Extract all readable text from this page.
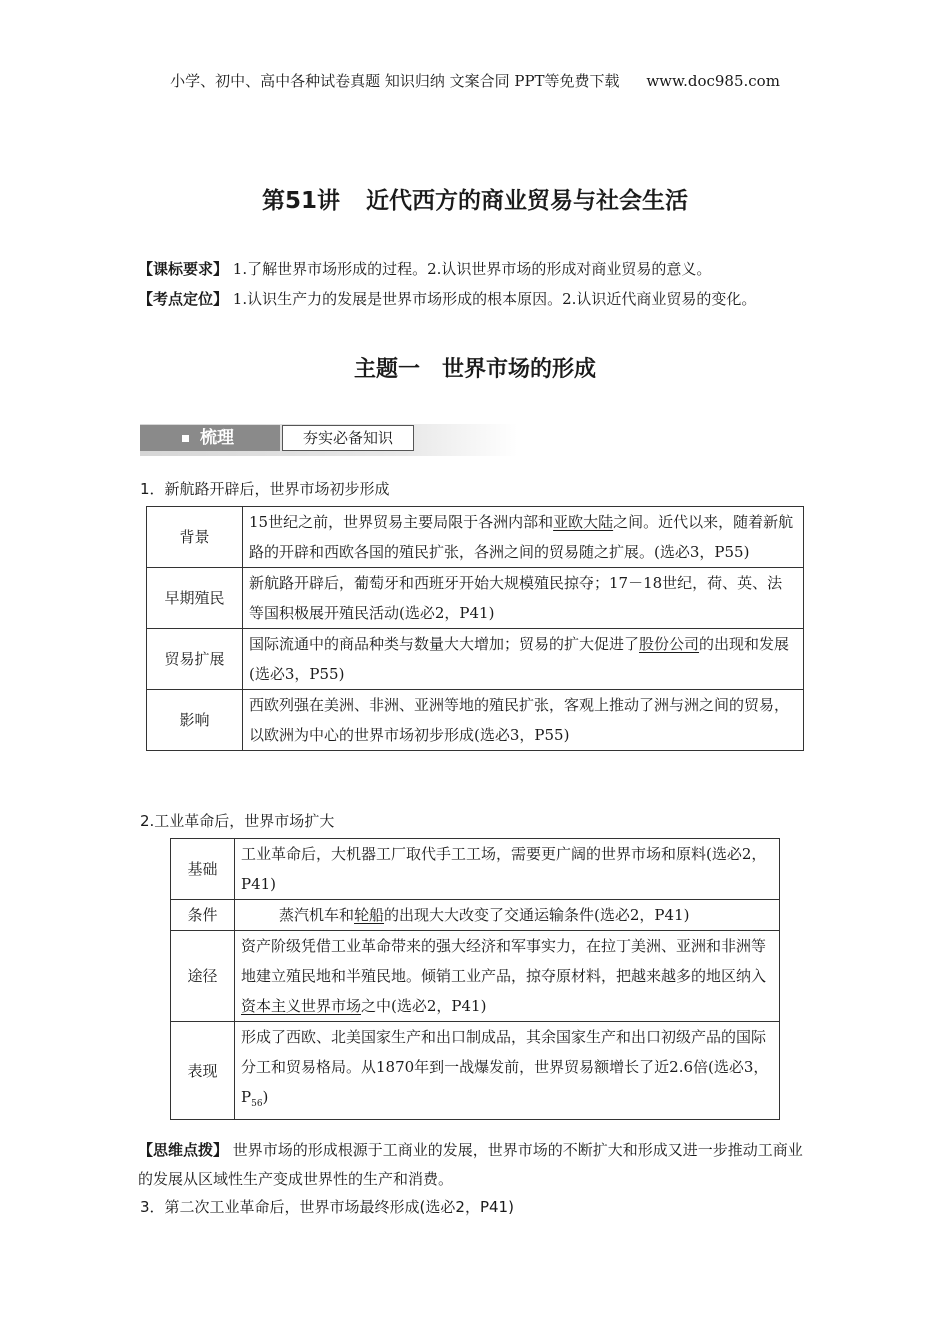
小学、初中、高中各种试卷真题 知识归纳 文案合同 PPT等免费下载 www.doc985.com
第51讲 近代西方的商业贸易与社会生活
【课标要求】 1.了解世界市场形成的过程。2.认识世界市场的形成对商业贸易的意义。
【考点定位】 1.认识生产力的发展是世界市场形成的根本原因。2.认识近代商业贸易的变化。
主题一 世界市场的形成
梳理	夯实必备知识
1．新航路开辟后，世界市场初步形成
背景	15世纪之前，世界贸易主要局限于各洲内部和亚欧大陆之间。近代以来，随着新航路的开辟和西欧各国的殖民扩张，各洲之间的贸易随之扩展。(选必3，P55)
早期殖民	新航路开辟后，葡萄牙和西班牙开始大规模殖民掠夺；17－18世纪，荷、英、法等国积极展开殖民活动(选必2，P41)
贸易扩展	国际流通中的商品种类与数量大大增加；贸易的扩大促进了股份公司的出现和发展(选必3，P55)
影响	西欧列强在美洲、非洲、亚洲等地的殖民扩张，客观上推动了洲与洲之间的贸易，以欧洲为中心的世界市场初步形成(选必3，P55)
2.工业革命后，世界市场扩大
基础	工业革命后，大机器工厂取代手工工场，需要更广阔的世界市场和原料(选必2，P41)
条件	蒸汽机车和轮船的出现大大改变了交通运输条件(选必2，P41)
途径	资产阶级凭借工业革命带来的强大经济和军事实力，在拉丁美洲、亚洲和非洲等地建立殖民地和半殖民地。倾销工业产品，掠夺原材料，把越来越多的地区纳入资本主义世界市场之中(选必2，P41)
表现	形成了西欧、北美国家生产和出口制成品，其余国家生产和出口初级产品的国际分工和贸易格局。从1870年到一战爆发前，世界贸易额增长了近2.6倍(选必3，$P_{56}$)
【思维点拨】 世界市场的形成根源于工商业的发展，世界市场的不断扩大和形成又进一步推动工商业的发展从区域性生产变成世界性的生产和消费。
3．第二次工业革命后，世界市场最终形成(选必2，P41)
